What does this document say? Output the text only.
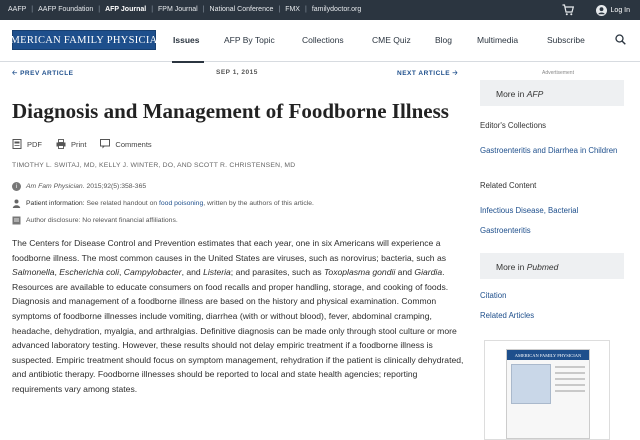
AAFP | AAFP Foundation | AFP Journal | FPM Journal | National Conference | FMX | familydoctor.org	Log In
AMERICAN FAMILY PHYSICIAN Issues	AFP By Topic	Collections	CME Quiz	Blog	Multimedia	Subscribe
🡠 PREV ARTICLE	SEP 1, 2015	NEXT ARTICLE 🡢
Diagnosis and Management of Foodborne Illness
PDF	Print	Comments
TIMOTHY L. SWITAJ, MD, KELLY J. WINTER, DO, AND SCOTT R. CHRISTENSEN, MD
i	Am Fam Physician.
2015;92(5):358-365
Patient information:
See related handout on
food poisoning , written by the authors of this article.
Author disclosure: No relevant financial affiliations.

The Centers for Disease Control and Prevention estimates that each year, one in six Americans will experience a foodborne illness. The most common causes in the United States are viruses, such as norovirus; bacteria, such as Salmonella, Escherichia coli, Campylobacter, and Listeria; and parasites, such as Toxoplasma gondii and Giardia. Resources are available to educate consumers on food recalls and proper handling, storage, and cooking of foods. Diagnosis and management of a foodborne illness are based on the history and physical examination. Common symptoms of foodborne illnesses include vomiting, diarrhea (with or without blood), fever, abdominal cramping, headache, dehydration, myalgia, and arthralgias. Definitive diagnosis can be made only through stool culture or more advanced laboratory testing. However, these results should not delay empiric treatment if a foodborne illness is suspected. Empiric treatment should focus on symptom management, rehydration if the patient is clinically dehydrated, and antibiotic therapy. Foodborne illnesses should be reported to local and state health agencies; reporting requirements vary among states.

Advertisement
More in AFP
Editor's Collections
Gastroenteritis and Diarrhea in Children
Related Content
Infectious Disease, Bacterial
Gastroenteritis
More in Pubmed
Citation
Related Articles
AMERICAN FAMILY PHYSICIAN
